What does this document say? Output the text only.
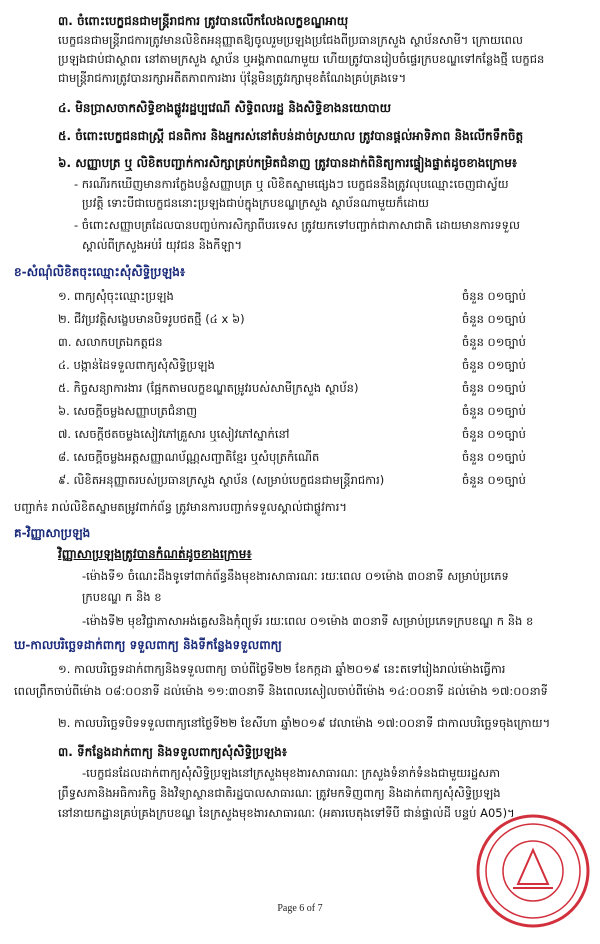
៣. ចំពោះបេក្ខជនជាមន្ត្រីរាជការ ត្រូវបានលើកលែងលក្ខខណ្ឌអាយុ
បេក្ខជនជាមន្ត្រីរាជការត្រូវមានលិខិតអនុញ្ញាតឱ្យចូលរួមប្រឡងប្រជែងពីប្រធានក្រសួង ស្ថាប័នសាមី។ ក្រោយពេល
ប្រឡងជាប់ជាស្ថាពរ នៅតាមក្រសួង ស្ថាប័ន ឬអង្គភាពណាមួយ ហើយត្រូវបានរៀបចំផ្ទេរក្របខណ្ឌទៅកន្លែងថ្មី បេក្ខជន
ជាមន្ត្រីរាជការត្រូវបានរក្សាអតីតភាពការងារ ប៉ុន្តែមិនត្រូវរក្សាមុខតំណែងគ្រប់គ្រងទេ។
៤. មិនប្រាសចាកសិទ្ធិខាងផ្លូវរដ្ឋប្បវេណី សិទ្ធិពលរដ្ឋ និងសិទ្ធិខាងនយោបាយ
៥. ចំពោះបេក្ខជនជាស្ត្រី ជនពិការ និងអ្នករស់នៅតំបន់ដាច់ស្រយាល ត្រូវបានផ្តល់អាទិភាព និងលើកទឹកចិត្ត
៦. សញ្ញាបត្រ ឬ លិខិតបញ្ជាក់ការសិក្សាគ្រប់កម្រិតជំនាញ ត្រូវបានដាក់ពិនិត្យការផ្ទៀងផ្ទាត់ដូចខាងក្រោម៖
- ករណីរកឃើញមានការក្លែងបន្លំសញ្ញាបត្រ ឬ លិខិតស្នាមផ្សេងៗ បេក្ខជននឹងត្រូវលុបឈ្មោះចេញជាស្វ័យ
ប្រវត្តិ ទោះបីជាបេក្ខជននោះប្រឡងជាប់ក្នុងក្របខណ្ឌក្រសួង ស្ថាប័នណាមួយក៏ដោយ
- ចំពោះសញ្ញាបត្រដែលបានបញ្ចប់ការសិក្សាពីបរទេស ត្រូវយកទៅបញ្ជាក់ជាភាសាជាតិ ដោយមានការទទួល
ស្គាល់ពីក្រសួងអប់រំ យុវជន និងកីឡា។
ខ-សំណុំលិខិតចុះឈ្មោះសុំសិទ្ធិប្រឡង៖
១. ពាក្យសុំចុះឈ្មោះប្រឡង	ចំនួន ០១ច្បាប់
២. ជីវប្រវត្តិសង្ខេបមានបិទរូបថតថ្មី (៤ x ៦)	ចំនួន ០១ច្បាប់
៣. សលាកបត្រឯកត្តជន	ចំនួន ០១ច្បាប់
៤. បង្កាន់ដៃទទួលពាក្យសុំសិទ្ធិប្រឡង	ចំនួន ០១ច្បាប់
៥. កិច្ចសន្យាការងារ (ផ្អែកតាមលក្ខខណ្ឌតម្រូវរបស់សាមីក្រសួង ស្ថាប័ន)	ចំនួន ០១ច្បាប់
៦. សេចក្តីចម្លងសញ្ញាបត្រជំនាញ	ចំនួន ០១ច្បាប់
៧. សេចក្តីថតចម្លងសៀវភៅគ្រួសារ ឬសៀវភៅស្នាក់នៅ	ចំនួន ០១ច្បាប់
៨. សេចក្តីចម្លងអត្តសញ្ញាណប័ណ្ណសញ្ជាតិខ្មែរ ឬសំបុត្រកំណើត	ចំនួន ០១ច្បាប់
៩. លិខិតអនុញ្ញាតរបស់ប្រធានក្រសួង ស្ថាប័ន (សម្រាប់បេក្ខជនជាមន្ត្រីរាជការ)	ចំនួន ០១ច្បាប់
បញ្ជាក់៖ រាល់លិខិតស្នាមតម្រូវពាក់ព័ន្ធ ត្រូវមានការបញ្ជាក់ទទួលស្គាល់ជាផ្លូវការ។
គ-វិញ្ញាសាប្រឡង
វិញ្ញាសាប្រឡងត្រូវបានកំណត់ដូចខាងក្រោម៖
-ម៉ោងទី១ ចំណេះដឹងទូទៅពាក់ព័ន្ធនឹងមុខងារសាធារណៈ រយៈពេល ០១ម៉ោង ៣០នាទី សម្រាប់ប្រភេទ
ក្របខណ្ឌ ក និង ខ
-ម៉ោងទី២ មុខវិជ្ជាភាសាអង់គ្លេសនិងកុំព្យូទ័រ រយៈពេល ០១ម៉ោង ៣០នាទី សម្រាប់ប្រភេទក្របខណ្ឌ ក និង ខ
ឃ-កាលបរិច្ឆេទដាក់ពាក្យ ទទួលពាក្យ និងទីកន្លែងទទួលពាក្យ
១. កាលបរិច្ឆេទដាក់ពាក្យនិងទទួលពាក្យ ចាប់ពីថ្ងៃទី២២ ខែកក្កដា ឆ្នាំ២០១៩ នេះតទៅរៀងរាល់ម៉ោងធ្វើការ
ពេលព្រឹកចាប់ពីម៉ោង ០៨:០០នាទី ដល់ម៉ោង ១១:៣០នាទី និងពេលរសៀលចាប់ពីម៉ោង ១៤:០០នាទី ដល់ម៉ោង ១៧:០០នាទី
២. កាលបរិច្ឆេទបិទទទួលពាក្យនៅថ្ងៃទី២២ ខែសីហា ឆ្នាំ២០១៩ វេលាម៉ោង ១៧:០០នាទី ជាកាលបរិច្ឆេទចុងក្រោយ។
៣. ទីកន្លែងដាក់ពាក្យ និងទទួលពាក្យសុំសិទ្ធិប្រឡង៖
-បេក្ខជនដែលដាក់ពាក្យសុំសិទ្ធិប្រឡងនៅក្រសួងមុខងារសាធារណៈ ក្រសួងទំនាក់ទំនងជាមួយរដ្ឋសភា
ព្រឹទ្ធសភានិងអធិការកិច្ច និងវិទ្យាស្ថានជាតិរដ្ឋបាលសាធារណៈ ត្រូវមកទិញពាក្យ និងដាក់ពាក្យសុំសិទ្ធិប្រឡង
នៅនាយកដ្ឋានគ្រប់គ្រងក្របខណ្ឌ នៃក្រសួងមុខងារសាធារណៈ (អគារបេតុងទៅទីបី ជាន់ផ្ទាល់ដី បន្ទប់ A05)។
Page 6 of 7
